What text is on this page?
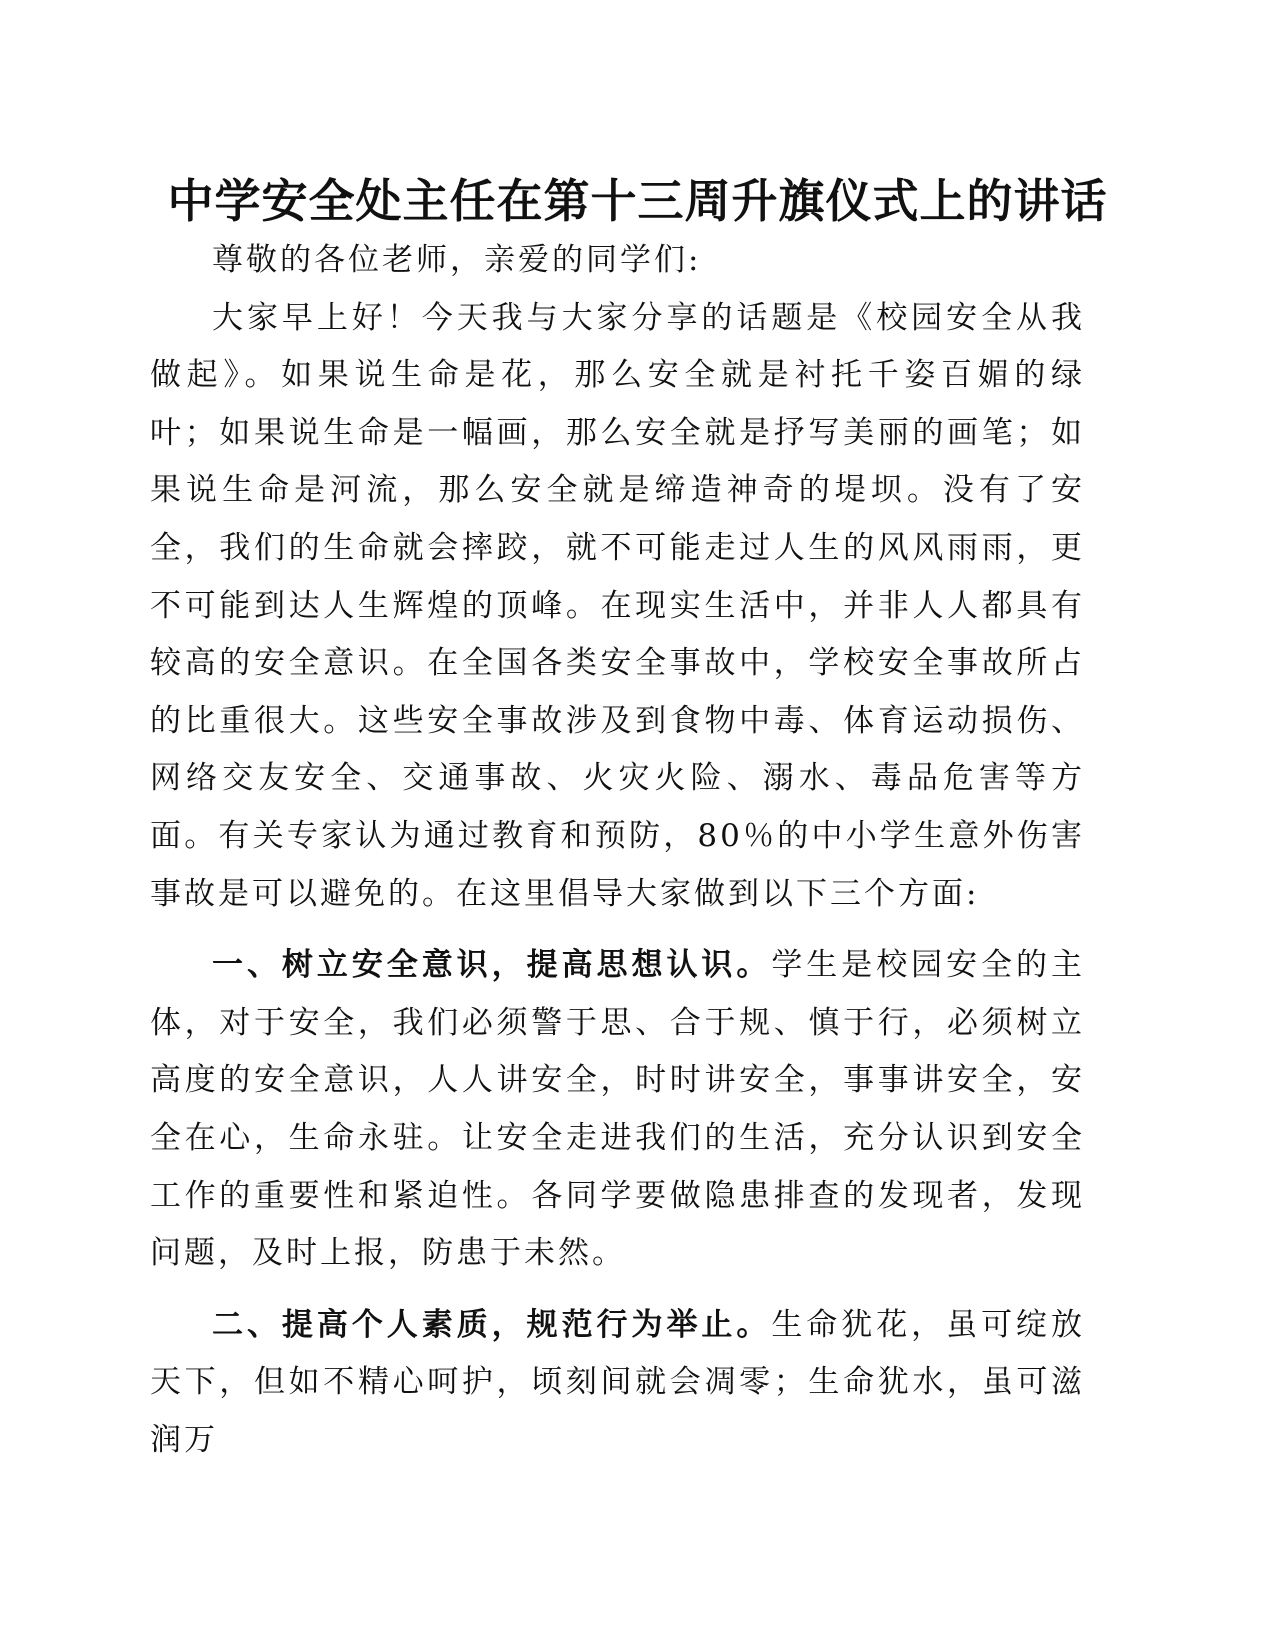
中学安全处主任在第十三周升旗仪式上的讲话

尊敬的各位老师，亲爱的同学们:

大家早上好！今天我与大家分享的话题是《校园安全从我做起》。如果说生命是花，那么安全就是衬托千姿百媚的绿叶；如果说生命是一幅画，那么安全就是抒写美丽的画笔；如果说生命是河流，那么安全就是缔造神奇的堤坝。没有了安全，我们的生命就会摔跤，就不可能走过人生的风风雨雨，更不可能到达人生辉煌的顶峰。在现实生活中，并非人人都具有较高的安全意识。在全国各类安全事故中，学校安全事故所占的比重很大。这些安全事故涉及到食物中毒、体育运动损伤、网络交友安全、交通事故、火灾火险、溺水、毒品危害等方面。有关专家认为通过教育和预防，80％的中小学生意外伤害事故是可以避免的。在这里倡导大家做到以下三个方面:

一、树立安全意识，提高思想认识。学生是校园安全的主体，对于安全，我们必须警于思、合于规、慎于行，必须树立高度的安全意识，人人讲安全，时时讲安全，事事讲安全，安全在心，生命永驻。让安全走进我们的生活，充分认识到安全工作的重要性和紧迫性。各同学要做隐患排查的发现者，发现问题，及时上报，防患于未然。

二、提高个人素质，规范行为举止。生命犹花，虽可绽放天下，但如不精心呵护，顷刻间就会凋零；生命犹水，虽可滋润万
